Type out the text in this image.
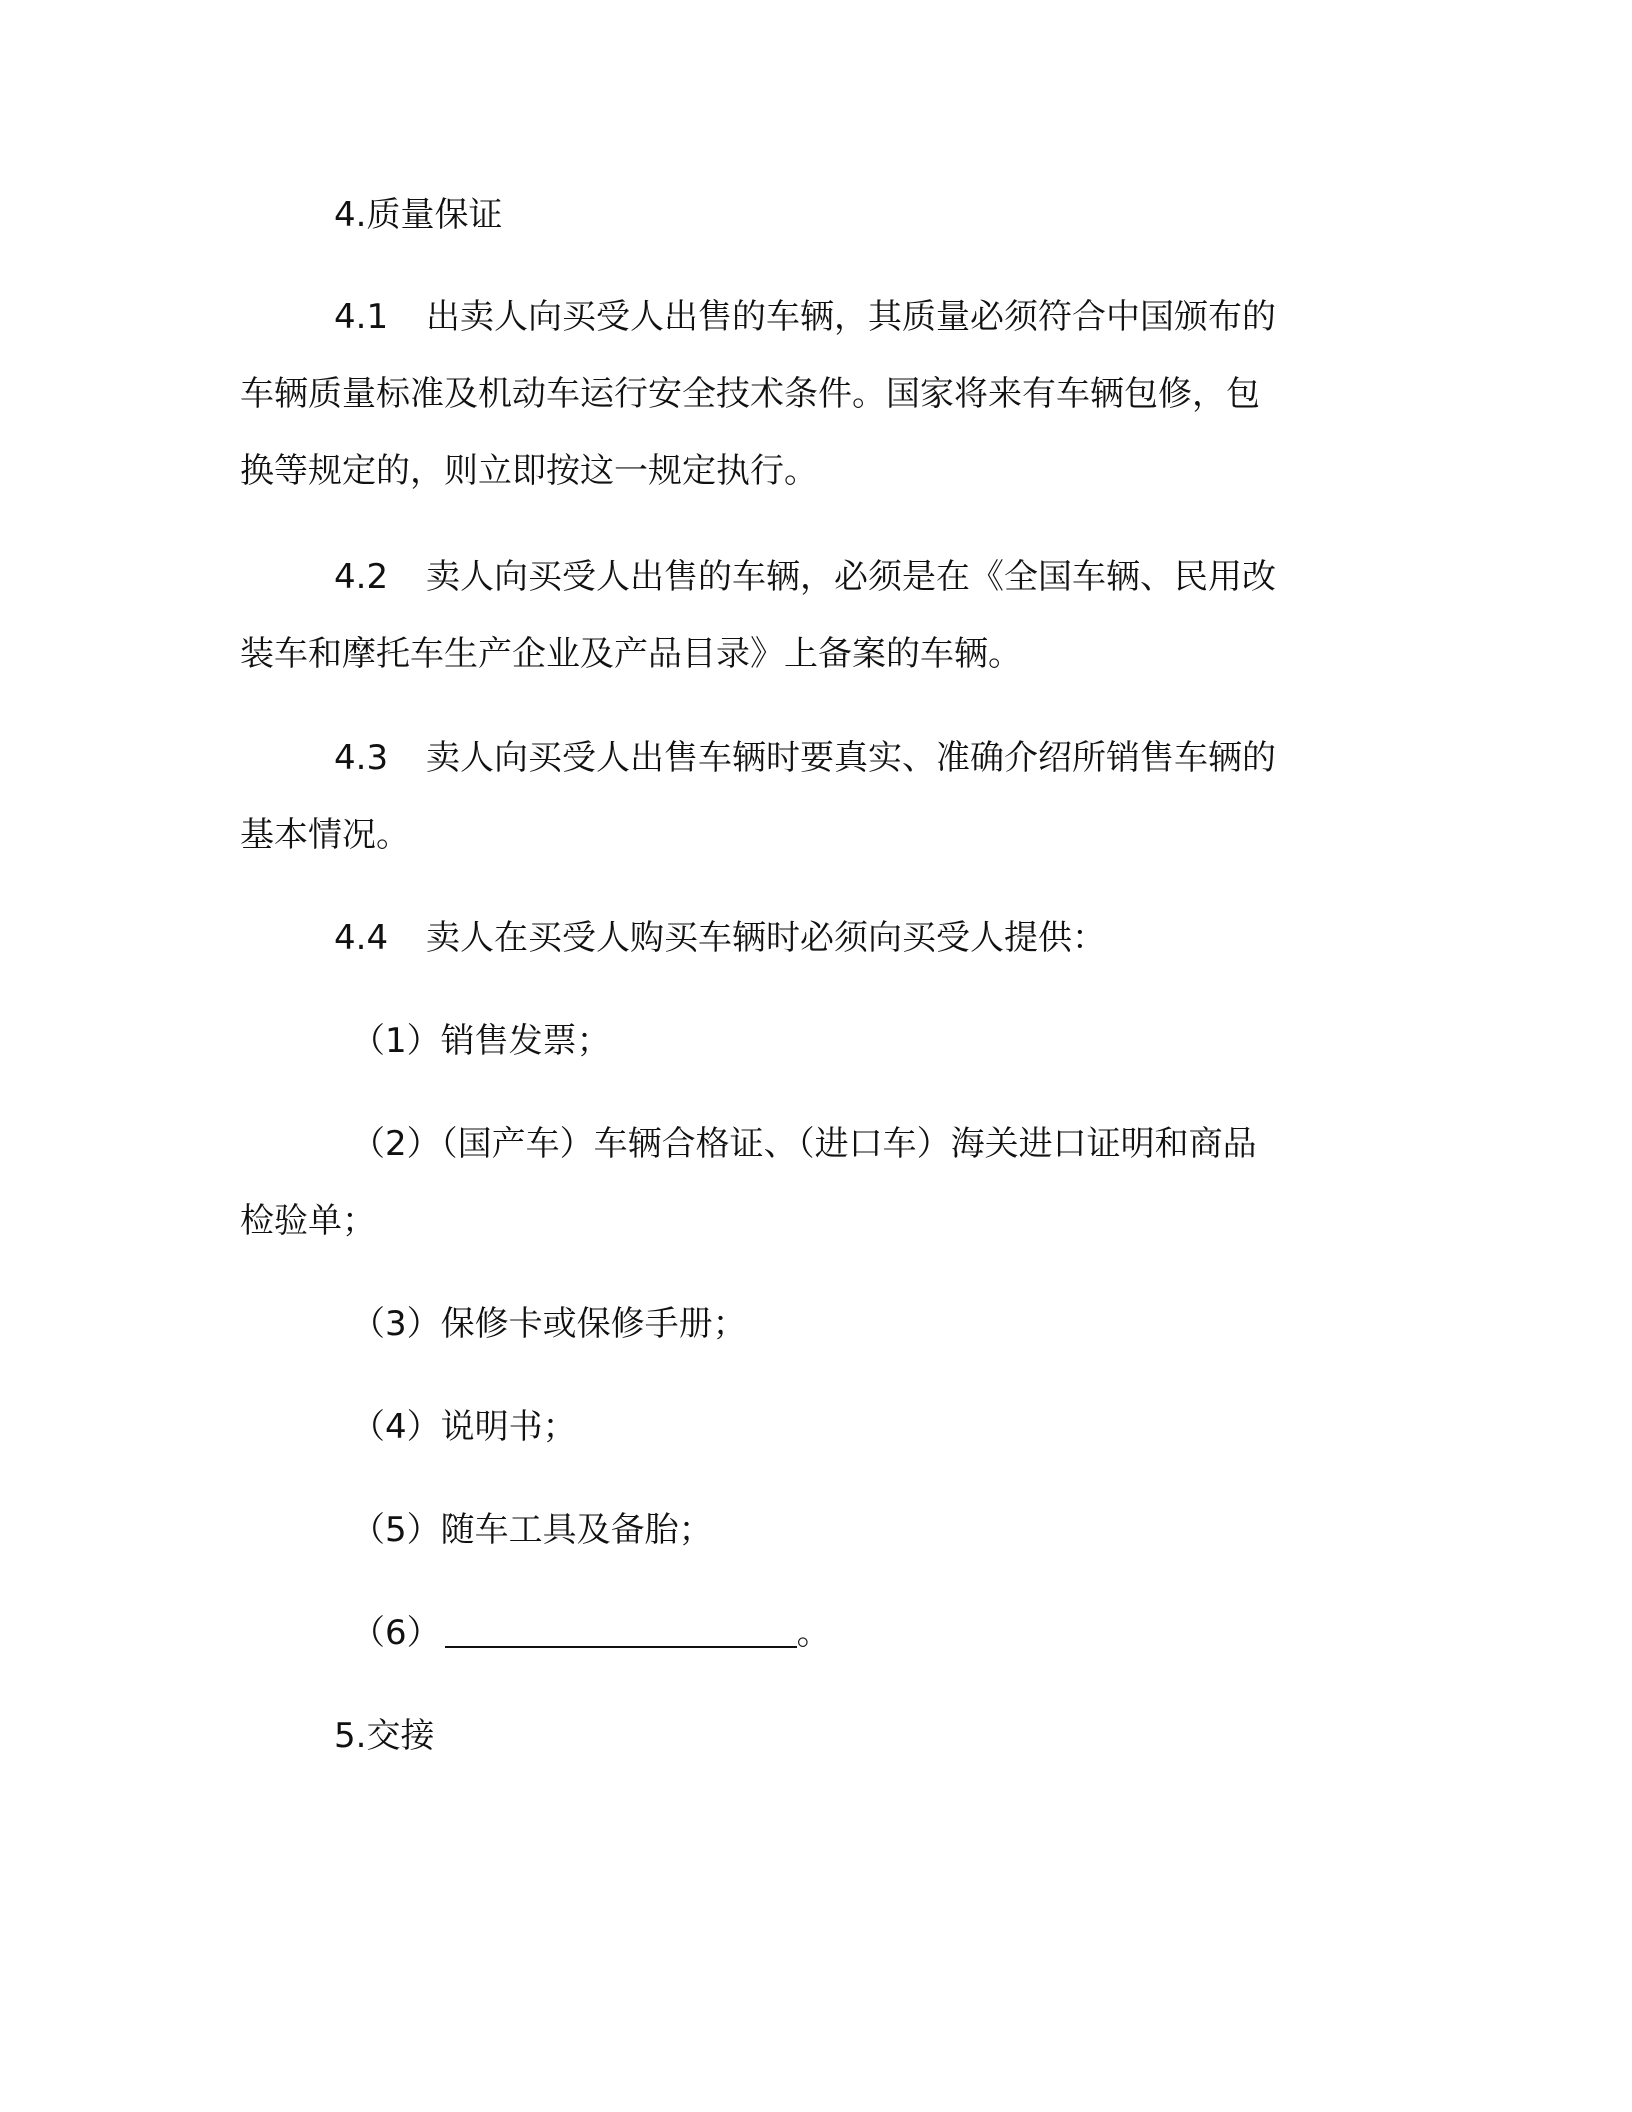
4.质量保证
4.1 出卖人向买受人出售的车辆，其质量必须符合中国颁布的
车辆质量标准及机动车运行安全技术条件。国家将来有车辆包修，包
换等规定的，则立即按这一规定执行。
4.2 卖人向买受人出售的车辆，必须是在《全国车辆、民用改
装车和摩托车生产企业及产品目录》上备案的车辆。
4.3 卖人向买受人出售车辆时要真实、准确介绍所销售车辆的
基本情况。
4.4 卖人在买受人购买车辆时必须向买受人提供：
（1）销售发票；
（2）（国产车）车辆合格证、（进口车）海关进口证明和商品
检验单；
（3）保修卡或保修手册；
（4）说明书；
（5）随车工具及备胎；
（6）	。
5.交接
